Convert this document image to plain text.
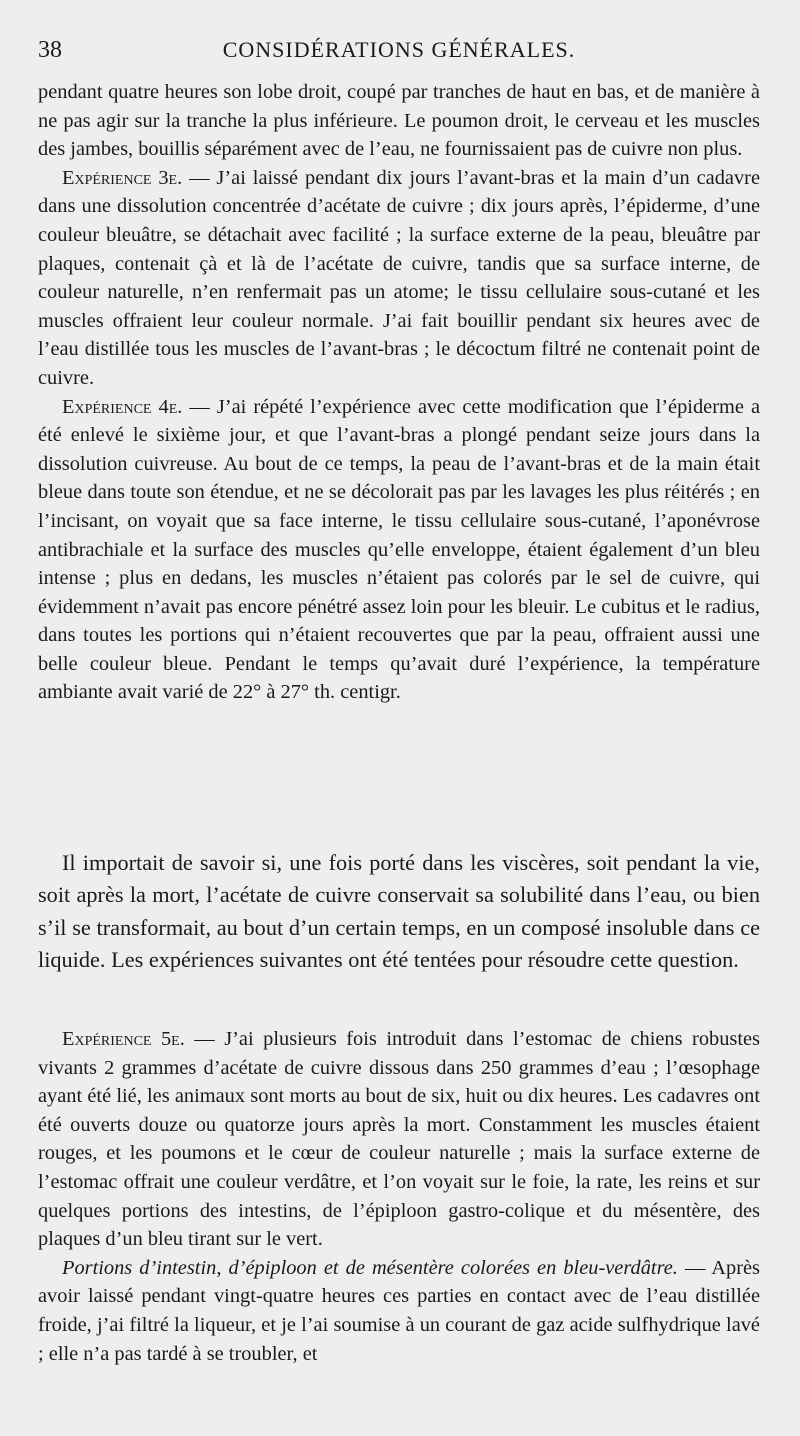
38	CONSIDÉRATIONS GÉNÉRALES.

pendant quatre heures son lobe droit, coupé par tranches de haut en bas, et de manière à ne pas agir sur la tranche la plus inférieure. Le poumon droit, le cerveau et les muscles des jambes, bouillis séparément avec de l’eau, ne fournissaient pas de cuivre non plus.

Expérience 3e. — J’ai laissé pendant dix jours l’avant-bras et la main d’un cadavre dans une dissolution concentrée d’acétate de cuivre ; dix jours après, l’épiderme, d’une couleur bleuâtre, se détachait avec facilité ; la surface externe de la peau, bleuâtre par plaques, contenait çà et là de l’acétate de cuivre, tandis que sa surface interne, de couleur naturelle, n’en renfermait pas un atome; le tissu cellulaire sous-cutané et les muscles offraient leur couleur normale. J’ai fait bouillir pendant six heures avec de l’eau distillée tous les muscles de l’avant-bras ; le décoctum filtré ne contenait point de cuivre.

Expérience 4e. — J’ai répété l’expérience avec cette modification que l’épiderme a été enlevé le sixième jour, et que l’avant-bras a plongé pendant seize jours dans la dissolution cuivreuse. Au bout de ce temps, la peau de l’avant-bras et de la main était bleue dans toute son étendue, et ne se décolorait pas par les lavages les plus réitérés ; en l’incisant, on voyait que sa face interne, le tissu cellulaire sous-cutané, l’aponévrose antibrachiale et la surface des muscles qu’elle enveloppe, étaient également d’un bleu intense ; plus en dedans, les muscles n’étaient pas colorés par le sel de cuivre, qui évidemment n’avait pas encore pénétré assez loin pour les bleuir. Le cubitus et le radius, dans toutes les portions qui n’étaient recouvertes que par la peau, offraient aussi une belle couleur bleue. Pendant le temps qu’avait duré l’expérience, la température ambiante avait varié de 22° à 27° th. centigr.

Il importait de savoir si, une fois porté dans les viscères, soit pendant la vie, soit après la mort, l’acétate de cuivre conservait sa solubilité dans l’eau, ou bien s’il se transformait, au bout d’un certain temps, en un composé insoluble dans ce liquide. Les expériences suivantes ont été tentées pour résoudre cette question.

Expérience 5e. — J’ai plusieurs fois introduit dans l’estomac de chiens robustes vivants 2 grammes d’acétate de cuivre dissous dans 250 grammes d’eau ; l’œsophage ayant été lié, les animaux sont morts au bout de six, huit ou dix heures. Les cadavres ont été ouverts douze ou quatorze jours après la mort. Constamment les muscles étaient rouges, et les poumons et le cœur de couleur naturelle ; mais la surface externe de l’estomac offrait une couleur verdâtre, et l’on voyait sur le foie, la rate, les reins et sur quelques portions des intestins, de l’épiploon gastro-colique et du mésentère, des plaques d’un bleu tirant sur le vert.

Portions d’intestin, d’épiploon et de mésentère colorées en bleu-verdâtre. — Après avoir laissé pendant vingt-quatre heures ces parties en contact avec de l’eau distillée froide, j’ai filtré la liqueur, et je l’ai soumise à un courant de gaz acide sulfhydrique lavé ; elle n’a pas tardé à se troubler, et
